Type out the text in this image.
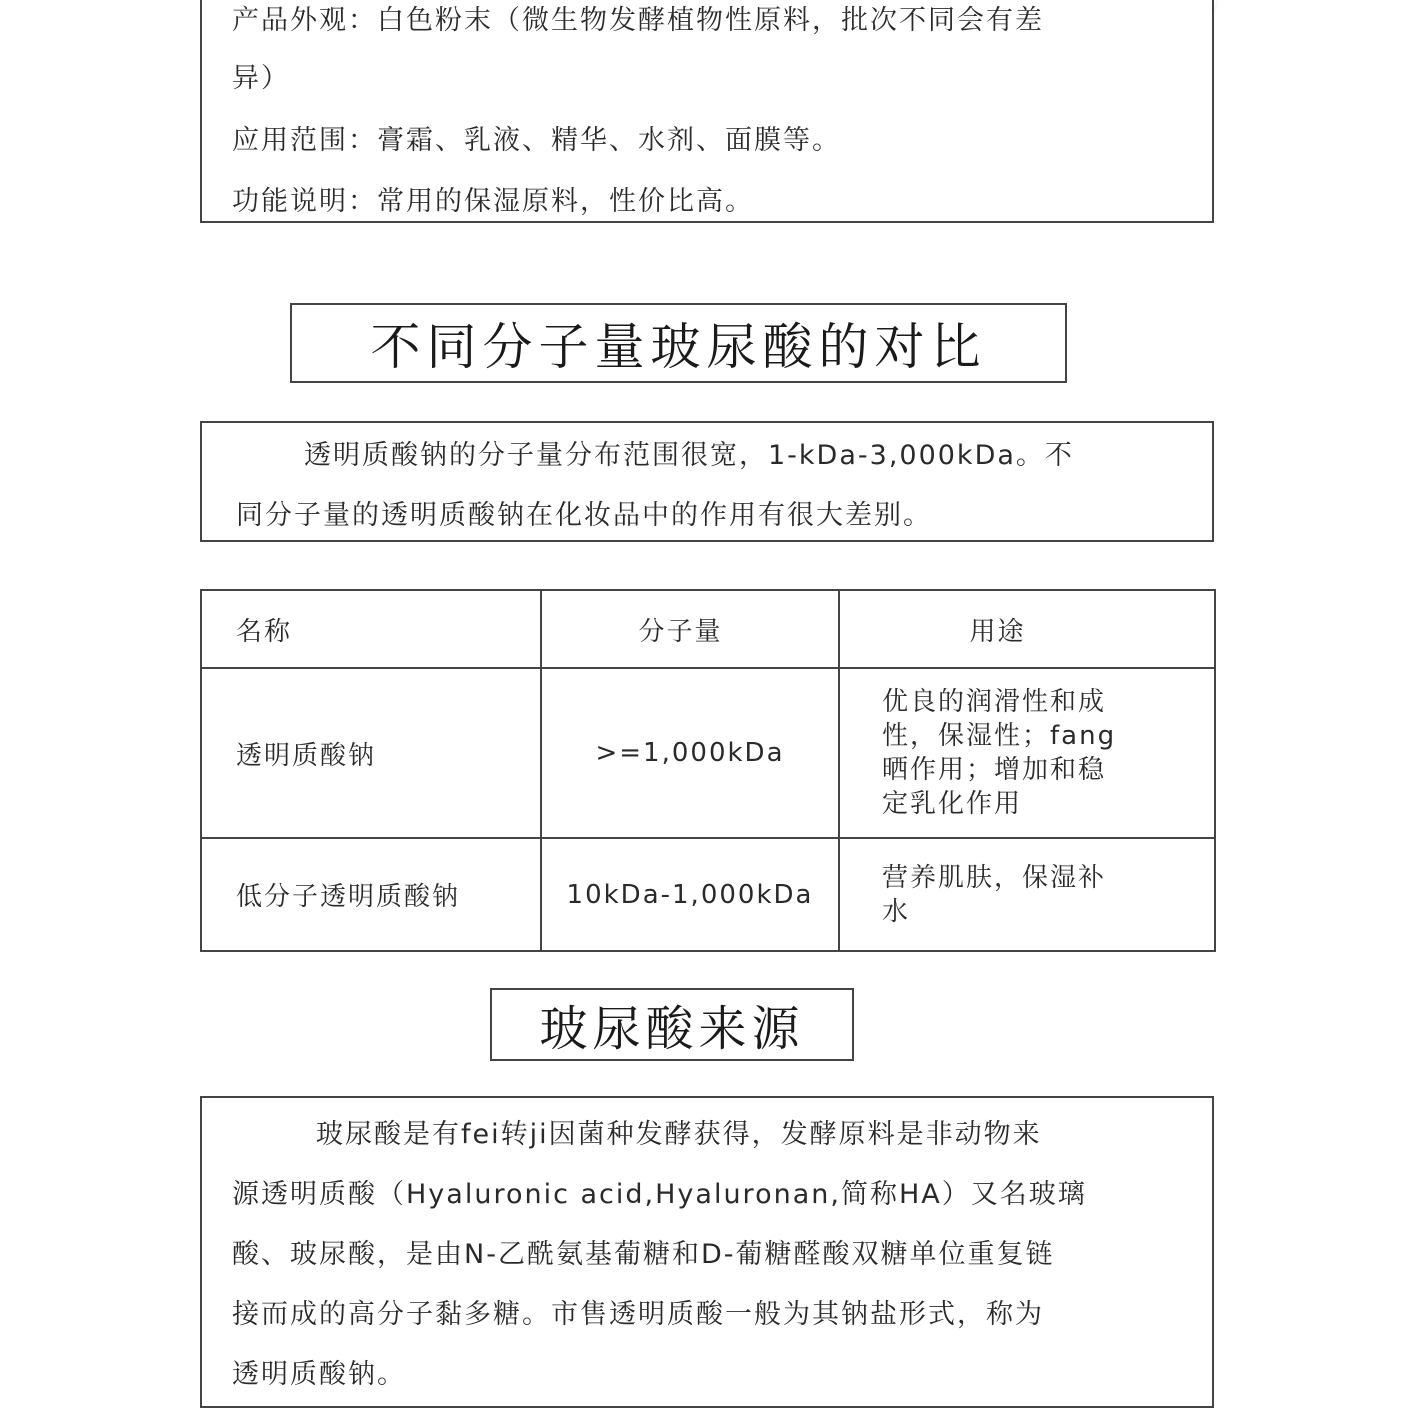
产品外观：白色粉末（微生物发酵植物性原料，批次不同会有差
异）
应用范围：膏霜、乳液、精华、水剂、面膜等。
功能说明：常用的保湿原料，性价比高。
不同分子量玻尿酸的对比
透明质酸钠的分子量分布范围很宽，1-kDa-3,000kDa。不
同分子量的透明质酸钠在化妆品中的作用有很大差别。
名称	分子量	用途
透明质酸钠	>=1,000kDa	优良的润滑性和成
性，保湿性；fang
晒作用；增加和稳
定乳化作用

低分子透明质酸钠	10kDa-1,000kDa	营养肌肤，保湿补
水
玻尿酸来源
玻尿酸是有fei转ji因菌种发酵获得，发酵原料是非动物来
源透明质酸（Hyaluronic acid,Hyaluronan,简称HA）又名玻璃
酸、玻尿酸，是由N-乙酰氨基葡糖和D-葡糖醛酸双糖单位重复链
接而成的高分子黏多糖。市售透明质酸一般为其钠盐形式，称为
透明质酸钠。
